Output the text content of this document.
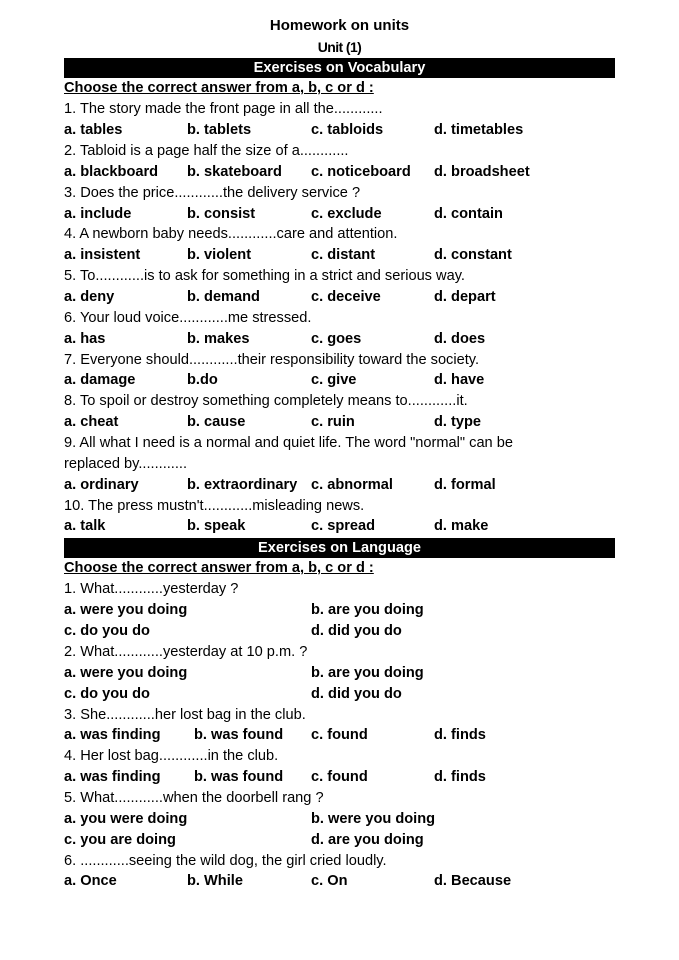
Homework on units
Unit (1)
Exercises on Vocabulary
Choose the correct answer from a, b, c or d :
1. The story made the front page in all the............
a. tables	b. tablets	c. tabloids	d. timetables
2. Tabloid is a page half the size of a............
a. blackboard b. skateboard c. noticeboard d. broadsheet
3. Does the price............the delivery service ?
a. include	b. consist	c. exclude	d. contain
4. A newborn baby needs............care and attention.
a. insistent	b. violent	c. distant	d. constant
5. To............is to ask for something in a strict and serious way.
a. deny	b. demand	c. deceive	d. depart
6. Your loud voice............me stressed.
a. has	b. makes	c. goes	d. does
7. Everyone should............their responsibility toward the society.
a. damage	b.do	c. give	d. have
8. To spoil or destroy something completely means to............it.
a. cheat	b. cause	c. ruin	d. type
9. All what I need is a normal and quiet life. The word "normal" can be
replaced by............
a. ordinary	b. extraordinary c. abnormal	d. formal
10. The press mustn't............misleading news.
a. talk	b. speak	c. spread	d. make
Exercises on Language
Choose the correct answer from a, b, c or d :
1. What............yesterday ?
a. were you doing	b. are you doing
c. do you do	d. did you do
2. What............yesterday at 10 p.m. ?
a. were you doing	b. are you doing
c. do you do	d. did you do
3. She............her lost bag in the club.
a. was finding b. was found c. found	d. finds
4. Her lost bag............in the club.
a. was finding b. was found c. found	d. finds
5. What............when the doorbell rang ?
a. you were doing	b. were you doing
c. you are doing	d. are you doing
6. ............seeing the wild dog, the girl cried loudly.
a. Once	b. While	c. On	d. Because
